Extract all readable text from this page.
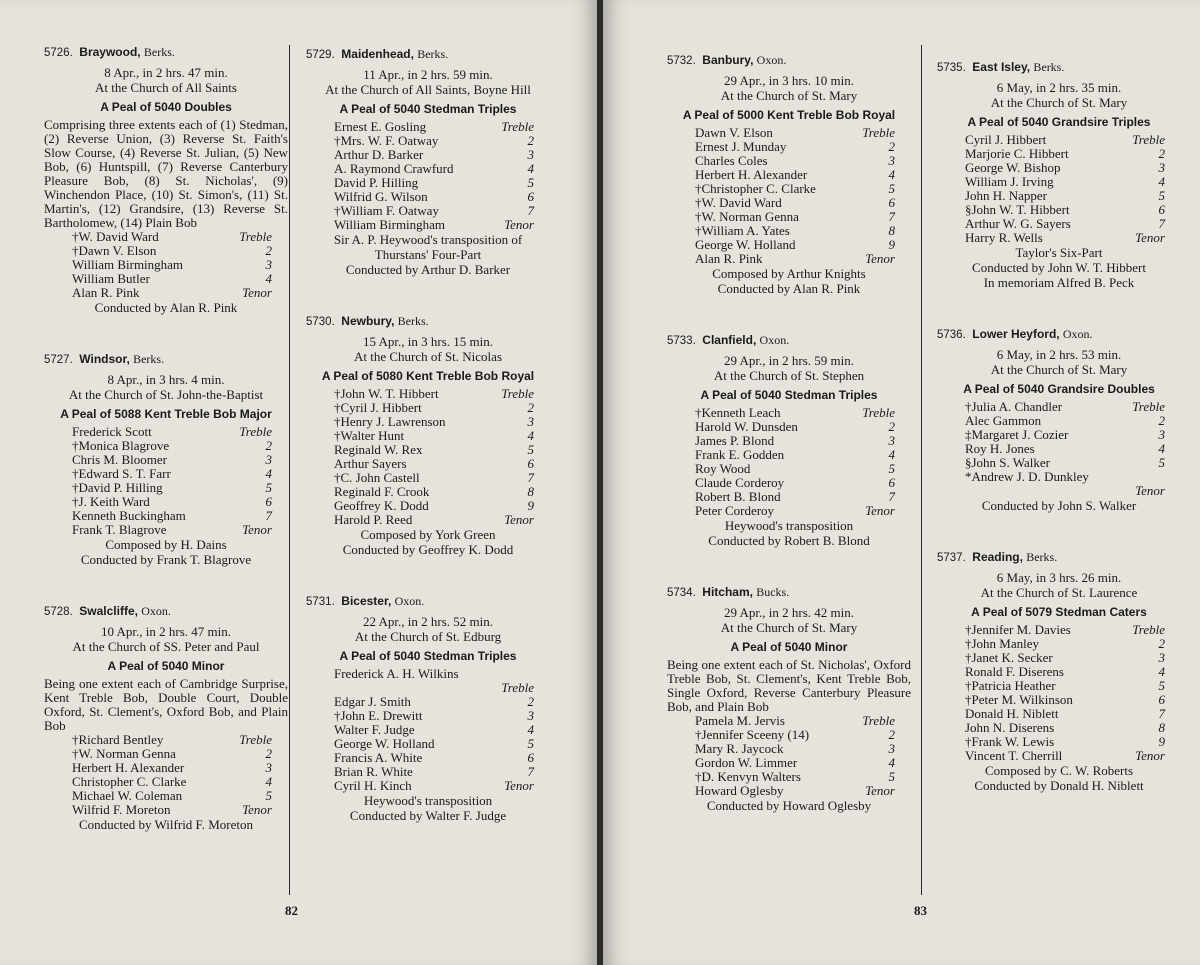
5726. Braywood, Berks.
8 Apr., in 2 hrs. 47 min.
At the Church of All Saints
A Peal of 5040 Doubles
Comprising three extents each of (1) Stedman, (2) Reverse Union, (3) Reverse St. Faith's Slow Course, (4) Reverse St. Julian, (5) New Bob, (6) Huntspill, (7) Reverse Canterbury Pleasure Bob, (8) St. Nicholas', (9) Winchendon Place, (10) St. Simon's, (11) St. Martin's, (12) Grandsire, (13) Reverse St. Bartholomew, (14) Plain Bob
†W. David Ward	Treble
†Dawn V. Elson	2
William Birmingham	3
William Butler	4
Alan R. Pink	Tenor
Conducted by Alan R. Pink
5727. Windsor, Berks.
8 Apr., in 3 hrs. 4 min.
At the Church of St. John-the-Baptist
A Peal of 5088 Kent Treble Bob Major
Frederick Scott	Treble
†Monica Blagrove	2
Chris M. Bloomer	3
†Edward S. T. Farr	4
†David P. Hilling	5
†J. Keith Ward	6
Kenneth Buckingham	7
Frank T. Blagrove	Tenor
Composed by H. Dains
Conducted by Frank T. Blagrove
5728. Swalcliffe, Oxon.
10 Apr., in 2 hrs. 47 min.
At the Church of SS. Peter and Paul
A Peal of 5040 Minor
Being one extent each of Cambridge Surprise, Kent Treble Bob, Double Court, Double Oxford, St. Clement's, Oxford Bob, and Plain Bob
†Richard Bentley	Treble
†W. Norman Genna	2
Herbert H. Alexander	3
Christopher C. Clarke	4
Michael W. Coleman	5
Wilfrid F. Moreton	Tenor
Conducted by Wilfrid F. Moreton
5729. Maidenhead, Berks.
11 Apr., in 2 hrs. 59 min.
At the Church of All Saints, Boyne Hill
A Peal of 5040 Stedman Triples
Ernest E. Gosling	Treble
†Mrs. W. F. Oatway	2
Arthur D. Barker	3
A. Raymond Crawfurd	4
David P. Hilling	5
Wilfrid G. Wilson	6
†William F. Oatway	7
William Birmingham	Tenor
Sir A. P. Heywood's transposition of Thurstans' Four-Part
Conducted by Arthur D. Barker
5730. Newbury, Berks.
15 Apr., in 3 hrs. 15 min.
At the Church of St. Nicolas
A Peal of 5080 Kent Treble Bob Royal
†John W. T. Hibbert	Treble
†Cyril J. Hibbert	2
†Henry J. Lawrenson	3
†Walter Hunt	4
Reginald W. Rex	5
Arthur Sayers	6
†C. John Castell	7
Reginald F. Crook	8
Geoffrey K. Dodd	9
Harold P. Reed	Tenor
Composed by York Green
Conducted by Geoffrey K. Dodd
5731. Bicester, Oxon.
22 Apr., in 2 hrs. 52 min.
At the Church of St. Edburg
A Peal of 5040 Stedman Triples
Frederick A. H. Wilkins
Treble
Edgar J. Smith	2
†John E. Drewitt	3
Walter F. Judge	4
George W. Holland	5
Francis A. White	6
Brian R. White	7
Cyril H. Kinch	Tenor
Heywood's transposition
Conducted by Walter F. Judge
82
5732. Banbury, Oxon.
29 Apr., in 3 hrs. 10 min.
At the Church of St. Mary
A Peal of 5000 Kent Treble Bob Royal
Dawn V. Elson	Treble
Ernest J. Munday	2
Charles Coles	3
Herbert H. Alexander	4
†Christopher C. Clarke	5
†W. David Ward	6
†W. Norman Genna	7
†William A. Yates	8
George W. Holland	9
Alan R. Pink	Tenor
Composed by Arthur Knights
Conducted by Alan R. Pink
5733. Clanfield, Oxon.
29 Apr., in 2 hrs. 59 min.
At the Church of St. Stephen
A Peal of 5040 Stedman Triples
†Kenneth Leach	Treble
Harold W. Dunsden	2
James P. Blond	3
Frank E. Godden	4
Roy Wood	5
Claude Corderoy	6
Robert B. Blond	7
Peter Corderoy	Tenor
Heywood's transposition
Conducted by Robert B. Blond
5734. Hitcham, Bucks.
29 Apr., in 2 hrs. 42 min.
At the Church of St. Mary
A Peal of 5040 Minor
Being one extent each of St. Nicholas', Oxford Treble Bob, St. Clement's, Kent Treble Bob, Single Oxford, Reverse Canterbury Pleasure Bob, and Plain Bob
Pamela M. Jervis	Treble
†Jennifer Sceeny (14)	2
Mary R. Jaycock	3
Gordon W. Limmer	4
†D. Kenvyn Walters	5
Howard Oglesby	Tenor
Conducted by Howard Oglesby
5735. East Isley, Berks.
6 May, in 2 hrs. 35 min.
At the Church of St. Mary
A Peal of 5040 Grandsire Triples
Cyril J. Hibbert	Treble
Marjorie C. Hibbert	2
George W. Bishop	3
William J. Irving	4
John H. Napper	5
§John W. T. Hibbert	6
Arthur W. G. Sayers	7
Harry R. Wells	Tenor
Taylor's Six-Part
Conducted by John W. T. Hibbert
In memoriam Alfred B. Peck
5736. Lower Heyford, Oxon.
6 May, in 2 hrs. 53 min.
At the Church of St. Mary
A Peal of 5040 Grandsire Doubles
†Julia A. Chandler	Treble
Alec Gammon	2
‡Margaret J. Cozier	3
Roy H. Jones	4
§John S. Walker	5
*Andrew J. D. Dunkley
Tenor
Conducted by John S. Walker
5737. Reading, Berks.
6 May, in 3 hrs. 26 min.
At the Church of St. Laurence
A Peal of 5079 Stedman Caters
†Jennifer M. Davies	Treble
†John Manley	2
†Janet K. Secker	3
Ronald F. Diserens	4
†Patricia Heather	5
†Peter M. Wilkinson	6
Donald H. Niblett	7
John N. Diserens	8
†Frank W. Lewis	9
Vincent T. Cherrill	Tenor
Composed by C. W. Roberts
Conducted by Donald H. Niblett
83
